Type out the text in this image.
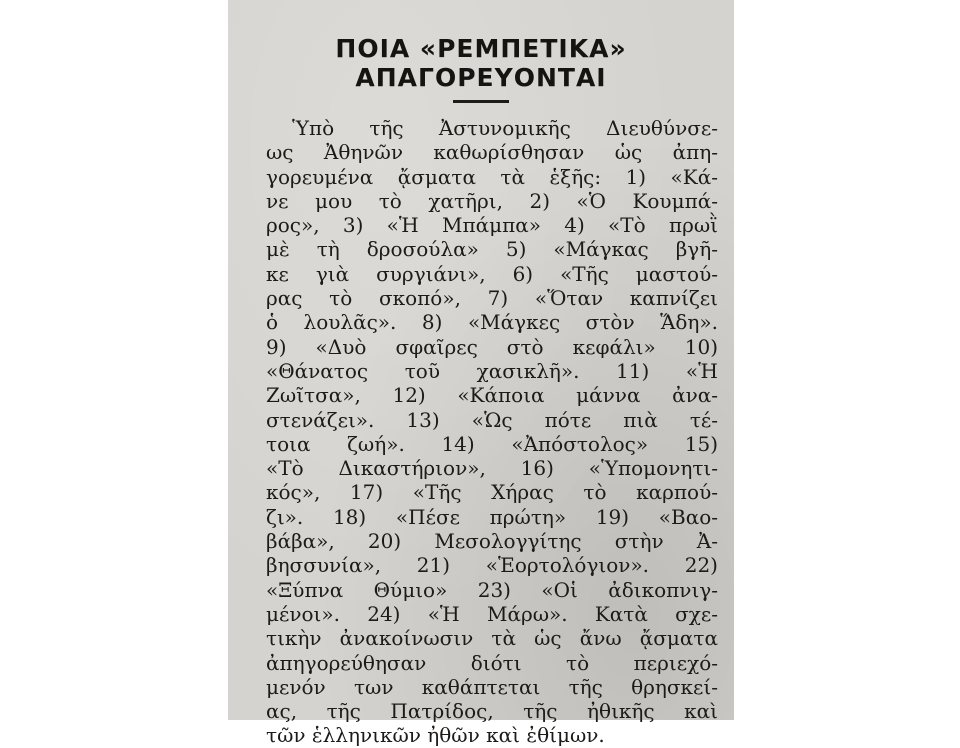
ΠΟΙΑ «ΡΕΜΠΕΤΙΚΑ»
ΑΠΑΓΟΡΕΥΟΝΤΑΙ
Ὑπὸ τῆς Ἀστυνομικῆς Διευθύνσε-
ως Ἀθηνῶν καθωρίσθησαν ὡς ἀπη-
γορευμένα ᾄσματα τὰ ἑξῆς: 1) «Κά-
νε μου τὸ χατῆρι, 2) «Ὁ Κουμπά-
ρος», 3) «Ἡ Μπάμπα» 4) «Τὸ πρωῒ
μὲ τὴ δροσούλα» 5) «Μάγκας βγῆ-
κε γιὰ συργιάνι», 6) «Τῆς μαστού-
ρας τὸ σκοπό», 7) «Ὅταν καπνίζει
ὁ λουλᾶς». 8) «Μάγκες στὸν Ἅδη».
9) «Δυὸ σφαῖρες στὸ κεφάλι» 10)
«Θάνατος τοῦ χασικλῆ». 11) «Ἡ
Ζωῖτσα», 12) «Κάποια μάννα ἀνα-
στενάζει». 13) «Ὡς πότε πιὰ τέ-
τοια ζωή». 14) «Ἀπόστολος» 15)
«Τὸ Δικαστήριον», 16) «Ὑπομονητι-
κός», 17) «Τῆς Χήρας τὸ καρπού-
ζι». 18) «Πέσε πρώτη» 19) «Βαο-
βάβα», 20) Μεσολογγίτης στὴν Ἀ-
βησσυνία», 21) «Ἑορτολόγιον». 22)
«Ξύπνα Θύμιο» 23) «Οἱ ἀδικοπνιγ-
μένοι». 24) «Ἡ Μάρω». Κατὰ σχε-
τικὴν ἀνακοίνωσιν τὰ ὡς ἄνω ᾄσματα
ἀπηγορεύθησαν διότι τὸ περιεχό-
μενόν των καθάπτεται τῆς θρησκεί-
ας, τῆς Πατρίδος, τῆς ἠθικῆς καὶ
τῶν ἑλληνικῶν ἠθῶν καὶ ἐθίμων.
